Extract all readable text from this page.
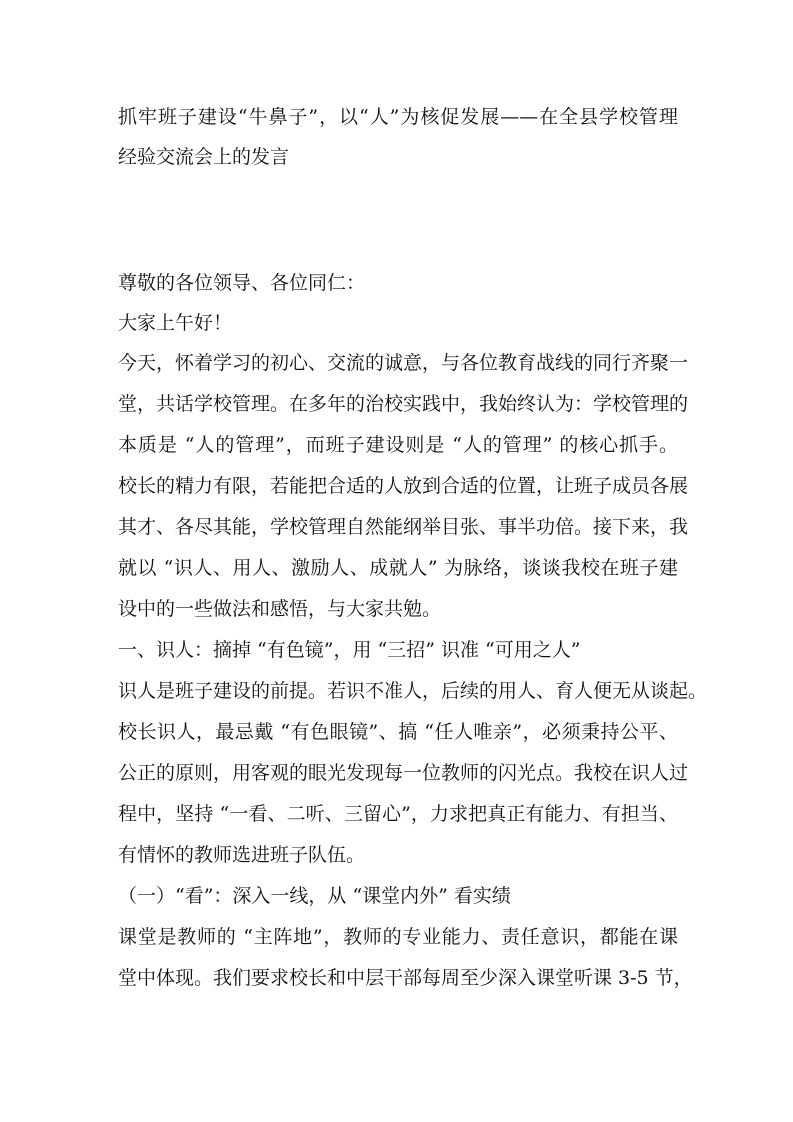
抓牢班子建设“牛鼻子”，以“人”为核促发展——在全县学校管理
经验交流会上的发言
尊敬的各位领导、各位同仁：
大家上午好！
今天，怀着学习的初心、交流的诚意，与各位教育战线的同行齐聚一
堂，共话学校管理。在多年的治校实践中，我始终认为：学校管理的
本质是 “人的管理”，而班子建设则是 “人的管理” 的核心抓手。
校长的精力有限，若能把合适的人放到合适的位置，让班子成员各展
其才、各尽其能，学校管理自然能纲举目张、事半功倍。接下来，我
就以 “识人、用人、激励人、成就人” 为脉络，谈谈我校在班子建
设中的一些做法和感悟，与大家共勉。
一、识人：摘掉 “有色镜”，用 “三招” 识准 “可用之人”
识人是班子建设的前提。若识不准人，后续的用人、育人便无从谈起。
校长识人，最忌戴 “有色眼镜”、搞 “任人唯亲”，必须秉持公平、
公正的原则，用客观的眼光发现每一位教师的闪光点。我校在识人过
程中，坚持 “一看、二听、三留心”，力求把真正有能力、有担当、
有情怀的教师选进班子队伍。
（一）“看”：深入一线，从 “课堂内外” 看实绩
课堂是教师的 “主阵地”，教师的专业能力、责任意识，都能在课
堂中体现。我们要求校长和中层干部每周至少深入课堂听课 3-5 节，
